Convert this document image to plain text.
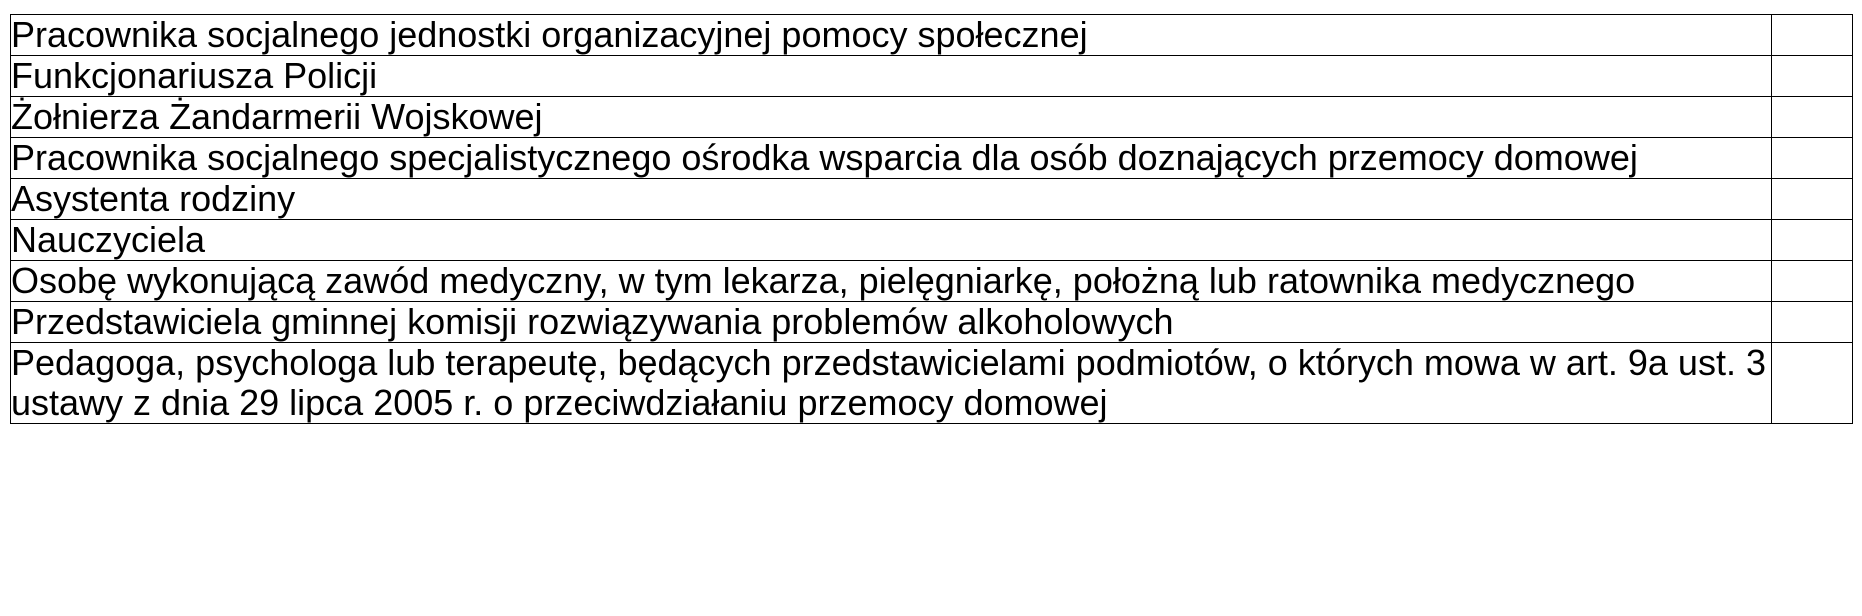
Pracownika socjalnego jednostki organizacyjnej pomocy społecznej	
Funkcjonariusza Policji	
Żołnierza Żandarmerii Wojskowej	
Pracownika socjalnego specjalistycznego ośrodka wsparcia dla osób doznających przemocy domowej	
Asystenta rodziny	
Nauczyciela	
Osobę wykonującą zawód medyczny, w tym lekarza, pielęgniarkę, położną lub ratownika medycznego	
Przedstawiciela gminnej komisji rozwiązywania problemów alkoholowych	
Pedagoga, psychologa lub terapeutę, będących przedstawicielami podmiotów, o których mowa w art. 9a ust. 3 ustawy z dnia 29 lipca 2005 r. o przeciwdziałaniu przemocy domowej	
